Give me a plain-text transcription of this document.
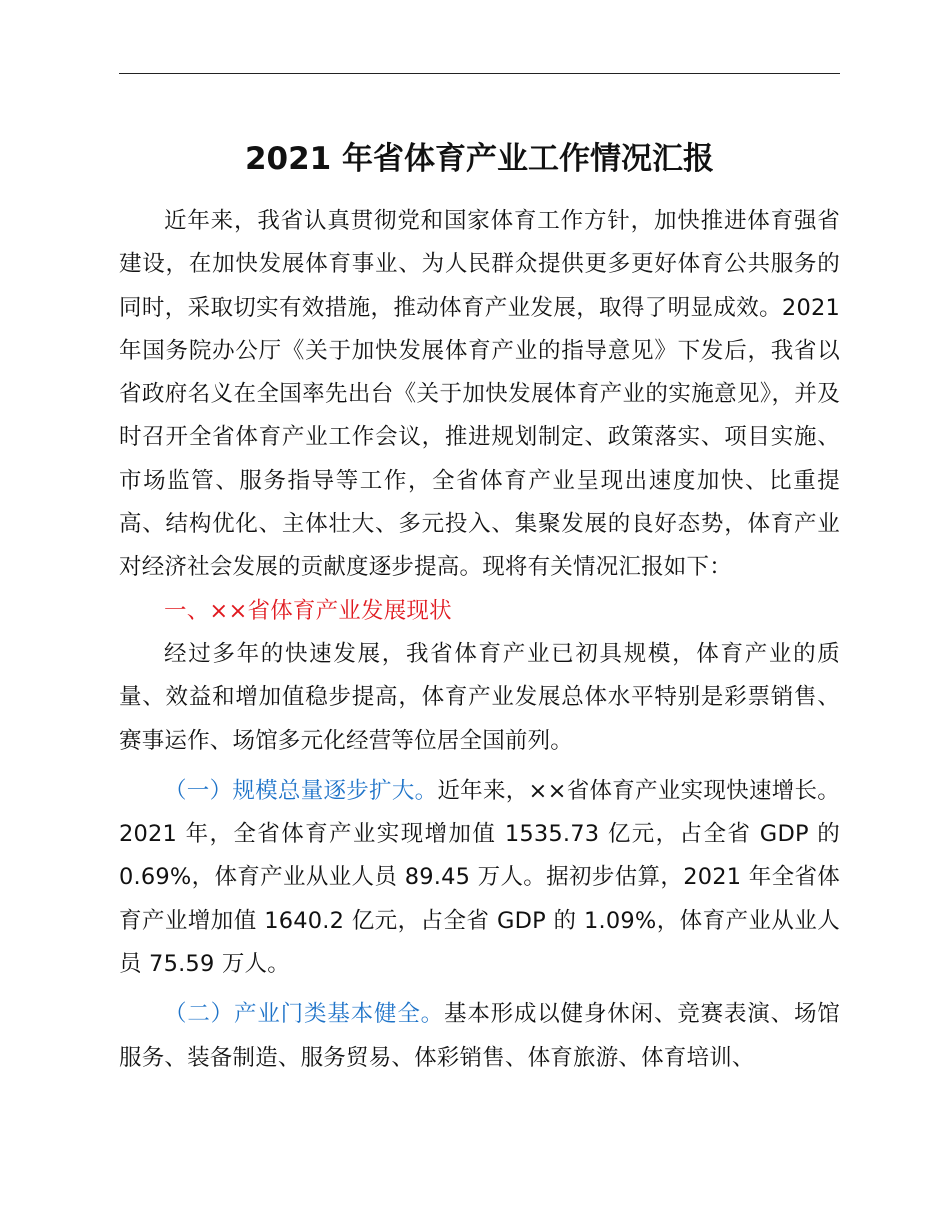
2021 年省体育产业工作情况汇报

近年来，我省认真贯彻党和国家体育工作方针，加快推进体育强省建设，在加快发展体育事业、为人民群众提供更多更好体育公共服务的同时，采取切实有效措施，推动体育产业发展，取得了明显成效。2021 年国务院办公厅《关于加快发展体育产业的指导意见》下发后，我省以省政府名义在全国率先出台《关于加快发展体育产业的实施意见》，并及时召开全省体育产业工作会议，推进规划制定、政策落实、项目实施、市场监管、服务指导等工作，全省体育产业呈现出速度加快、比重提高、结构优化、主体壮大、多元投入、集聚发展的良好态势，体育产业对经济社会发展的贡献度逐步提高。现将有关情况汇报如下：

一、××省体育产业发展现状

经过多年的快速发展，我省体育产业已初具规模，体育产业的质量、效益和增加值稳步提高，体育产业发展总体水平特别是彩票销售、赛事运作、场馆多元化经营等位居全国前列。

（一）规模总量逐步扩大。近年来，××省体育产业实现快速增长。2021 年，全省体育产业实现增加值 1535.73 亿元，占全省 GDP 的 0.69%，体育产业从业人员 89.45 万人。据初步估算，2021 年全省体育产业增加值 1640.2 亿元，占全省 GDP 的 1.09%，体育产业从业人员 75.59 万人。

（二）产业门类基本健全。基本形成以健身休闲、竞赛表演、场馆服务、装备制造、服务贸易、体彩销售、体育旅游、体育培训、
